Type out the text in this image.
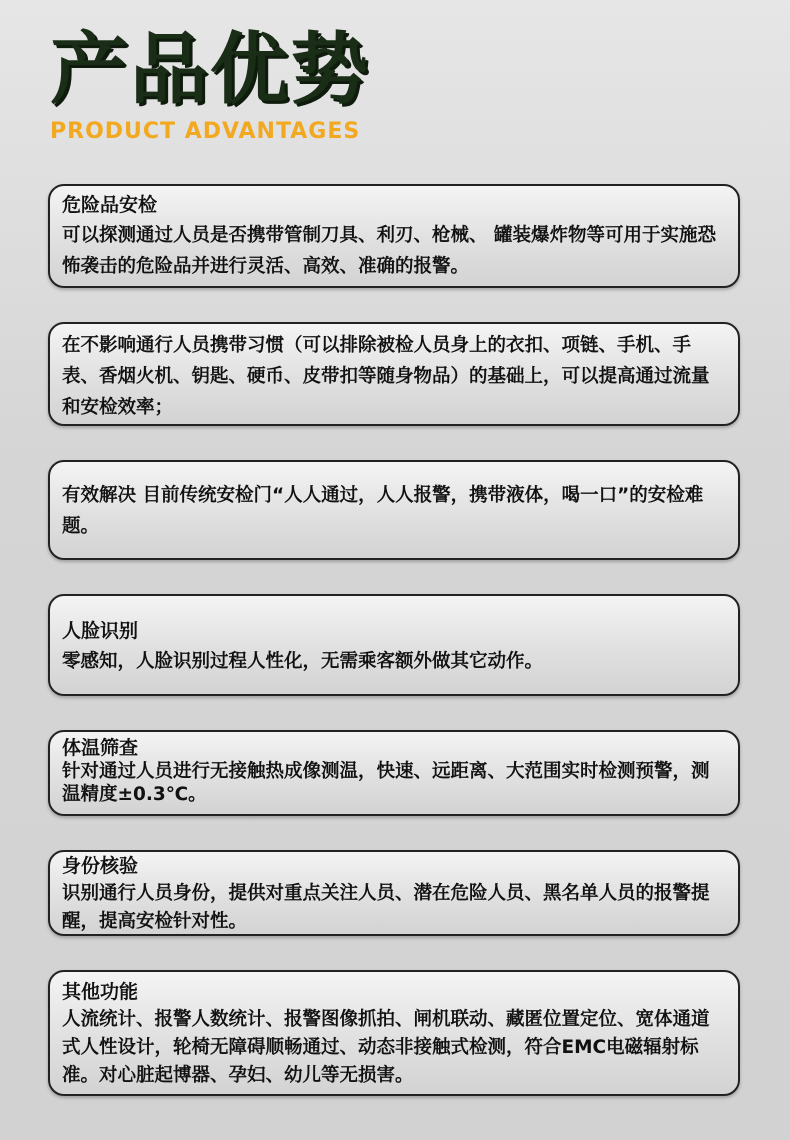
产品优势
PRODUCT ADVANTAGES
危险品安检
可以探测通过人员是否携带管制刀具、利刃、枪械、 罐装爆炸物等可用于实施恐怖袭击的危险品并进行灵活、高效、准确的报警。
在不影响通行人员携带习惯（可以排除被检人员身上的衣扣、项链、手机、手表、香烟火机、钥匙、硬币、皮带扣等随身物品）的基础上，可以提高通过流量和安检效率；
有效解决 目前传统安检门“人人通过，人人报警，携带液体，喝一口”的安检难题。
人脸识别
零感知，人脸识别过程人性化，无需乘客额外做其它动作。
体温筛查
针对通过人员进行无接触热成像测温，快速、远距离、大范围实时检测预警，测温精度±0.3℃。
身份核验
识别通行人员身份，提供对重点关注人员、潜在危险人员、黑名单人员的报警提醒，提高安检针对性。
其他功能
人流统计、报警人数统计、报警图像抓拍、闸机联动、藏匿位置定位、宽体通道式人性设计，轮椅无障碍顺畅通过、动态非接触式检测，符合EMC电磁辐射标准。对心脏起博器、孕妇、幼儿等无损害。
